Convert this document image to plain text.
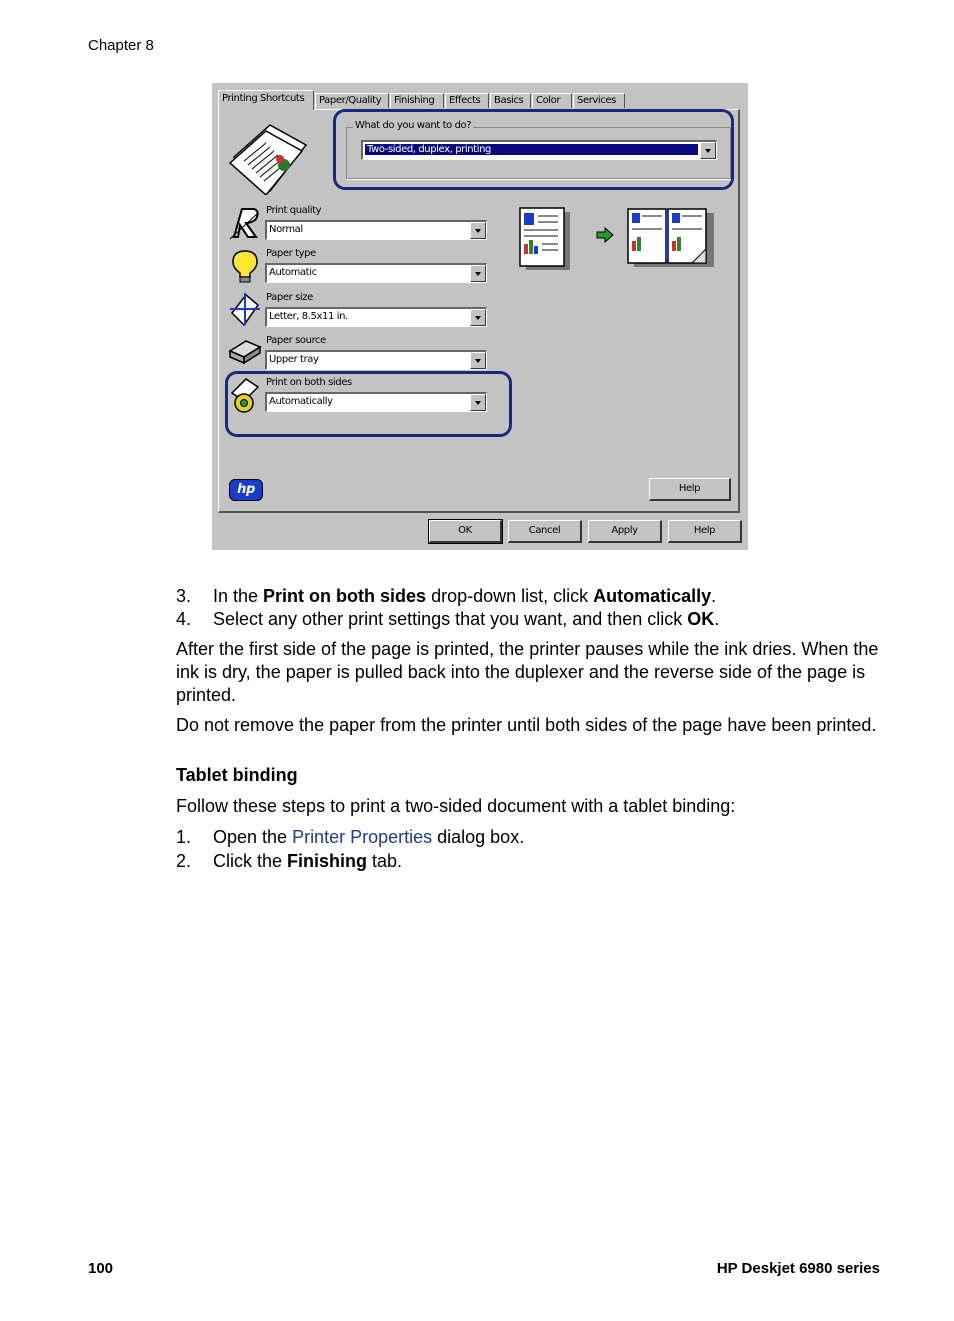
Chapter 8
Printing Shortcuts	Paper/Quality	Finishing	Effects	Basics	Color	Services
What do you want to do?
Two-sided, duplex, printing
Print quality
Normal
Paper type
Automatic
Paper size
Letter, 8.5x11 in.
Paper source
Upper tray
Print on both sides
Automatically
hp	Help
OK	Cancel	Apply	Help
3. In the Print on both sides drop-down list, click Automatically.
4. Select any other print settings that you want, and then click OK.
After the first side of the page is printed, the printer pauses while the ink dries. When the ink is dry, the paper is pulled back into the duplexer and the reverse side of the page is printed.
Do not remove the paper from the printer until both sides of the page have been printed.
Tablet binding
Follow these steps to print a two-sided document with a tablet binding:
1. Open the Printer Properties dialog box.
2. Click the Finishing tab.
100	HP Deskjet 6980 series
